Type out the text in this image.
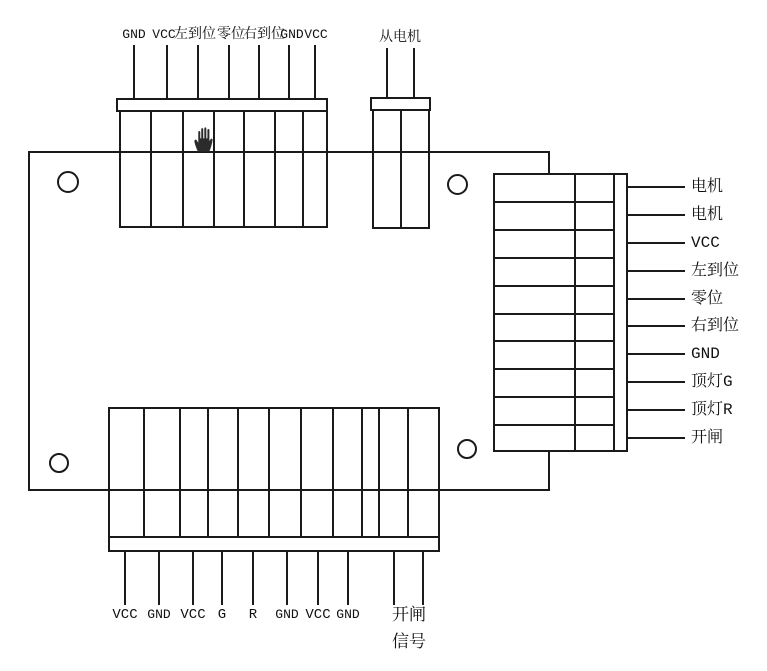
GND VCC
左到位 零位
右到位
GND VCC	从电机
VCC GND VCC G R GND VCC GND 开闸
信号
电机
电机
VCC
左到位
零位
右到位
GND
顶灯G
顶灯R
开闸
